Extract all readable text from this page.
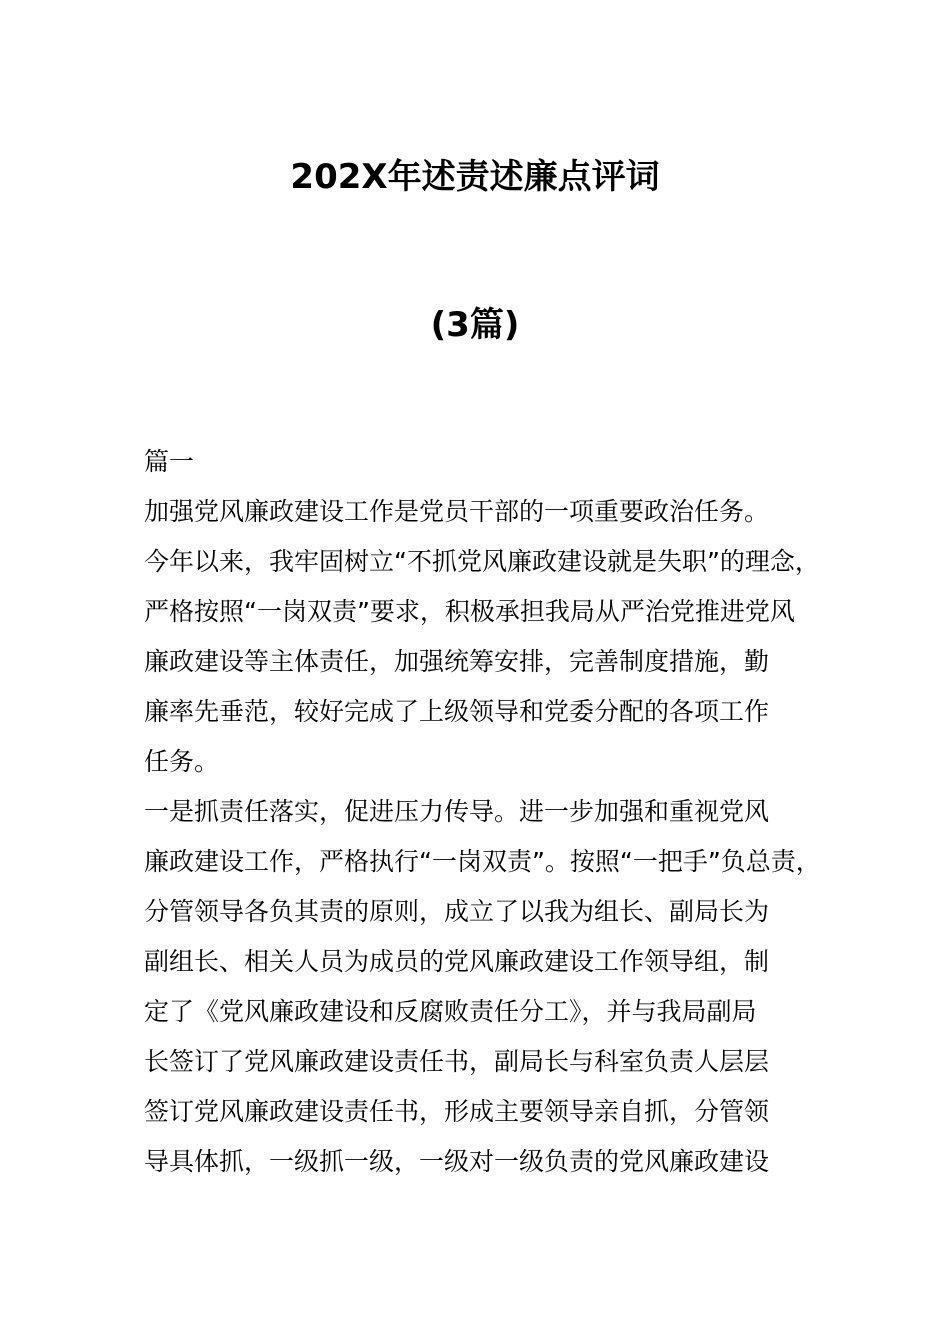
202X年述责述廉点评词
(3篇)
篇一
加强党风廉政建设工作是党员干部的一项重要政治任务。
今年以来，我牢固树立“不抓党风廉政建设就是失职”的理念，
严格按照“一岗双责”要求，积极承担我局从严治党推进党风
廉政建设等主体责任，加强统筹安排，完善制度措施，勤
廉率先垂范，较好完成了上级领导和党委分配的各项工作
任务。
一是抓责任落实，促进压力传导。进一步加强和重视党风
廉政建设工作，严格执行“一岗双责”。按照“一把手”负总责，
分管领导各负其责的原则，成立了以我为组长、副局长为
副组长、相关人员为成员的党风廉政建设工作领导组，制
定了《党风廉政建设和反腐败责任分工》，并与我局副局
长签订了党风廉政建设责任书，副局长与科室负责人层层
签订党风廉政建设责任书，形成主要领导亲自抓，分管领
导具体抓，一级抓一级，一级对一级负责的党风廉政建设
